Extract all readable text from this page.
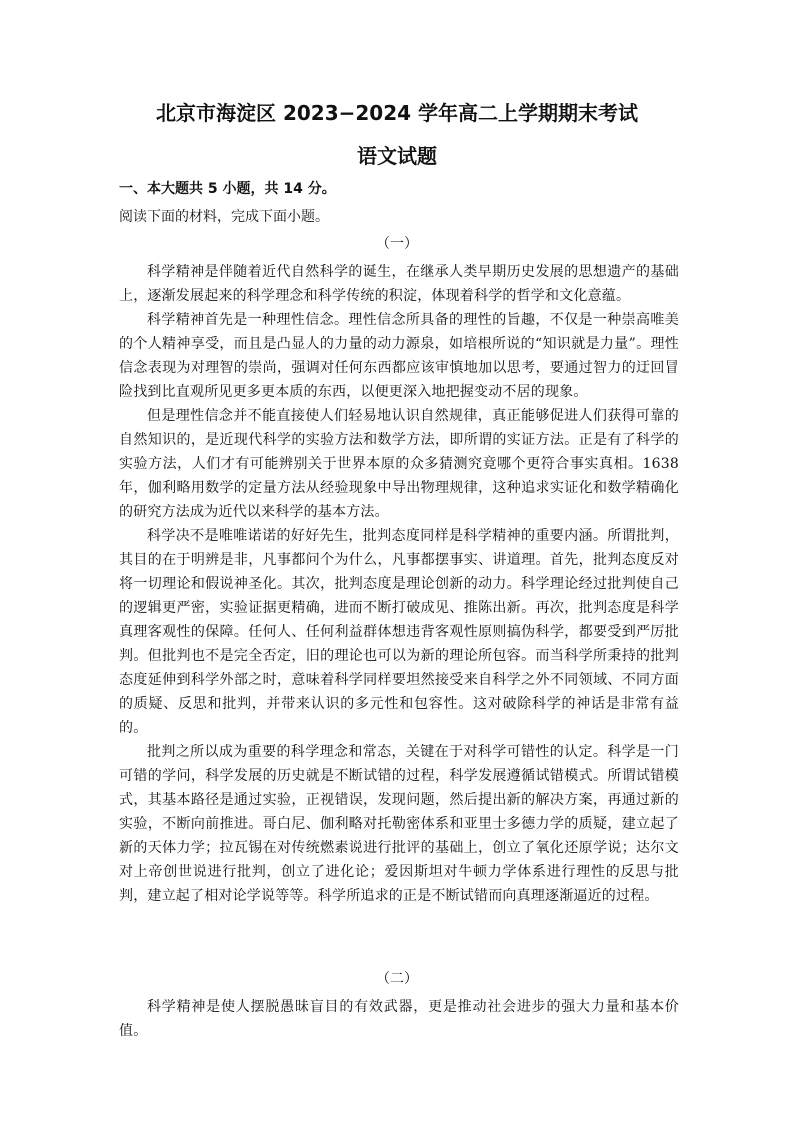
北京市海淀区 2023−2024 学年高二上学期期末考试
语文试题
一、本大题共 5 小题，共 14 分。
阅读下面的材料，完成下面小题。
（一）

科学精神是伴随着近代自然科学的诞生，在继承人类早期历史发展的思想遗产的基础上，逐渐发展起来的科学理念和科学传统的积淀，体现着科学的哲学和文化意蕴。

科学精神首先是一种理性信念。理性信念所具备的理性的旨趣，不仅是一种崇高唯美的个人精神享受，而且是凸显人的力量的动力源泉，如培根所说的“知识就是力量”。理性信念表现为对理智的崇尚，强调对任何东西都应该审慎地加以思考，要通过智力的迂回冒险找到比直观所见更多更本质的东西，以便更深入地把握变动不居的现象。

但是理性信念并不能直接使人们轻易地认识自然规律，真正能够促进人们获得可靠的自然知识的，是近现代科学的实验方法和数学方法，即所谓的实证方法。正是有了科学的实验方法，人们才有可能辨别关于世界本原的众多猜测究竟哪个更符合事实真相。1638 年，伽利略用数学的定量方法从经验现象中导出物理规律，这种追求实证化和数学精确化的研究方法成为近代以来科学的基本方法。

科学决不是唯唯诺诺的好好先生，批判态度同样是科学精神的重要内涵。所谓批判，其目的在于明辨是非，凡事都问个为什么，凡事都摆事实、讲道理。首先，批判态度反对将一切理论和假说神圣化。其次，批判态度是理论创新的动力。科学理论经过批判使自己的逻辑更严密，实验证据更精确，进而不断打破成见、推陈出新。再次，批判态度是科学真理客观性的保障。任何人、任何利益群体想违背客观性原则搞伪科学，都要受到严厉批判。但批判也不是完全否定，旧的理论也可以为新的理论所包容。而当科学所秉持的批判态度延伸到科学外部之时，意味着科学同样要坦然接受来自科学之外不同领域、不同方面的质疑、反思和批判，并带来认识的多元性和包容性。这对破除科学的神话是非常有益的。

批判之所以成为重要的科学理念和常态，关键在于对科学可错性的认定。科学是一门可错的学问，科学发展的历史就是不断试错的过程，科学发展遵循试错模式。所谓试错模式，其基本路径是通过实验，正视错误，发现问题，然后提出新的解决方案，再通过新的实验，不断向前推进。哥白尼、伽利略对托勒密体系和亚里士多德力学的质疑，建立起了新的天体力学；拉瓦锡在对传统燃素说进行批评的基础上，创立了氧化还原学说；达尔文对上帝创世说进行批判，创立了进化论；爱因斯坦对牛顿力学体系进行理性的反思与批判，建立起了相对论学说等等。科学所追求的正是不断试错而向真理逐渐逼近的过程。

（二）

科学精神是使人摆脱愚昧盲目的有效武器，更是推动社会进步的强大力量和基本价值。
